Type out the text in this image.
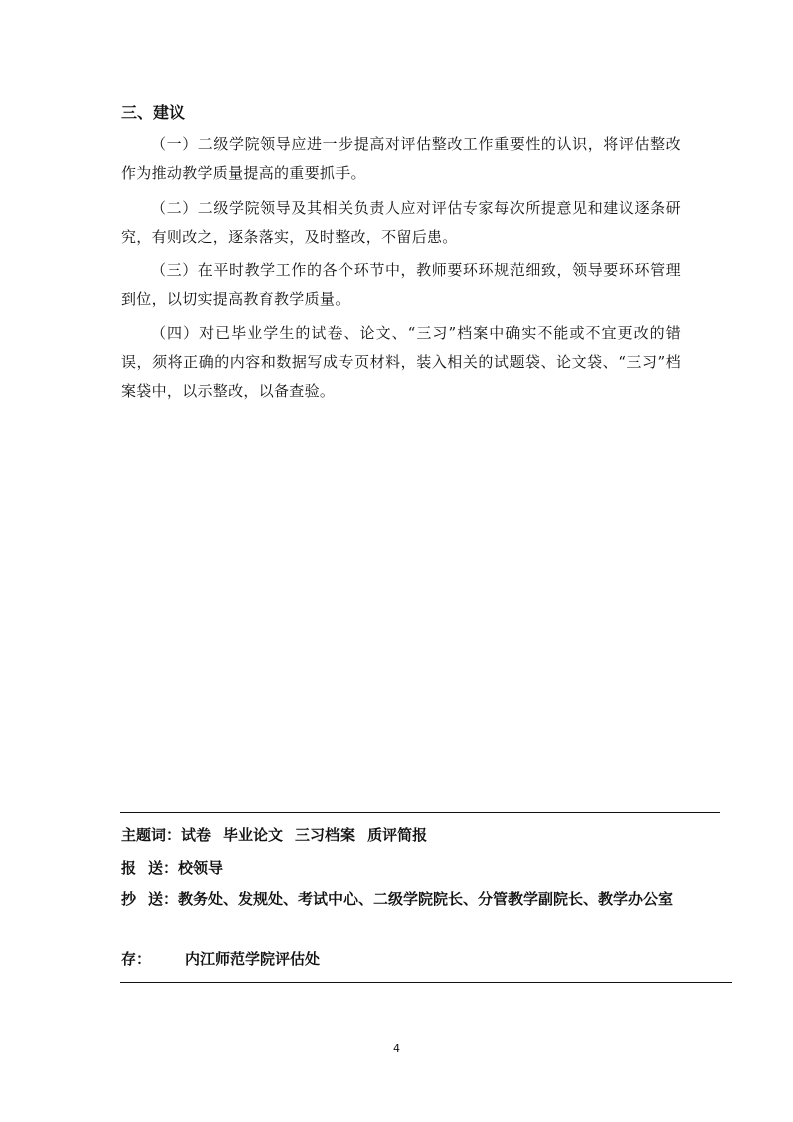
三、建议
（一）二级学院领导应进一步提高对评估整改工作重要性的认识，将评估整改作为推动教学质量提高的重要抓手。
（二）二级学院领导及其相关负责人应对评估专家每次所提意见和建议逐条研究，有则改之，逐条落实，及时整改，不留后患。
（三）在平时教学工作的各个环节中，教师要环环规范细致，领导要环环管理到位，以切实提高教育教学质量。
（四）对已毕业学生的试卷、论文、“三习”档案中确实不能或不宜更改的错误，须将正确的内容和数据写成专页材料，装入相关的试题袋、论文袋、“三习”档案袋中，以示整改，以备查验。
主题词：试卷 毕业论文 三习档案 质评简报
报 送：校领导
抄 送：教务处、发规处、考试中心、二级学院院长、分管教学副院长、教学办公室
存： 内江师范学院评估处
4
